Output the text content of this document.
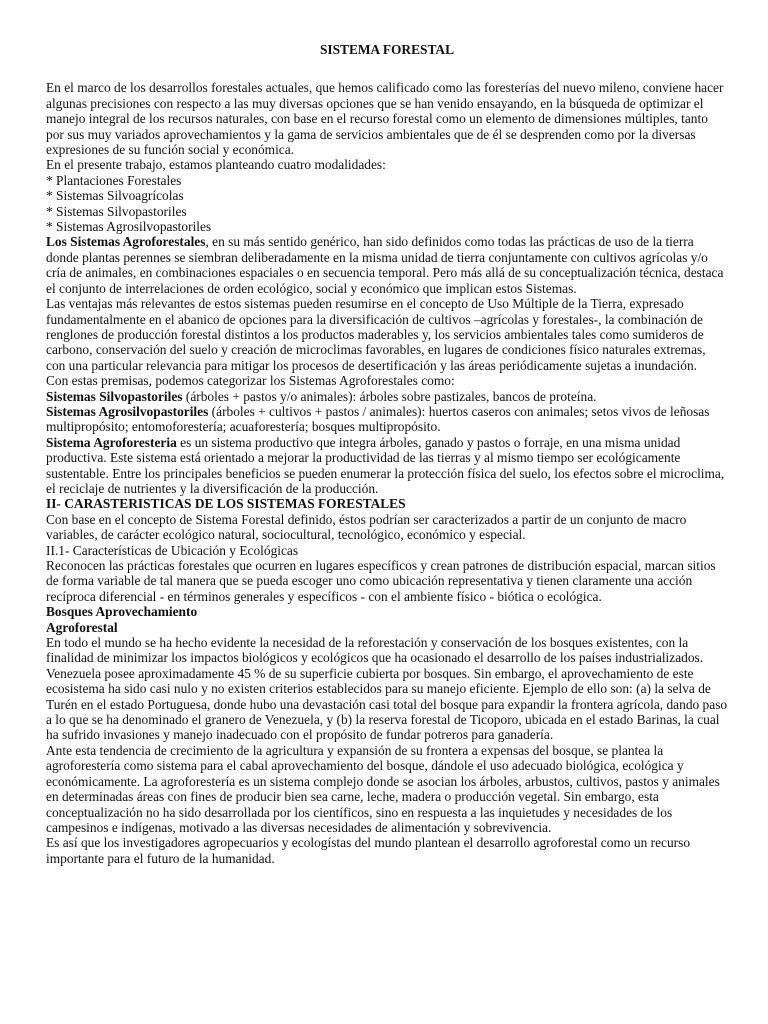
SISTEMA FORESTAL

En el marco de los desarrollos forestales actuales, que hemos calificado como las foresterías del nuevo mileno, conviene hacer algunas precisiones con respecto a las muy diversas opciones que se han venido ensayando, en la búsqueda de optimizar el manejo integral de los recursos naturales, con base en el recurso forestal como un elemento de dimensiones múltiples, tanto por sus muy variados aprovechamientos y la gama de servicios ambientales que de él se desprenden como por la diversas expresiones de su función social y económica.

En el presente trabajo, estamos planteando cuatro modalidades:

* Plantaciones Forestales
* Sistemas Silvoagrícolas
* Sistemas Silvopastoriles
* Sistemas Agrosilvopastoriles

Los Sistemas Agroforestales, en su más sentido genérico, han sido definidos como todas las prácticas de uso de la tierra donde plantas perennes se siembran deliberadamente en la misma unidad de tierra conjuntamente con cultivos agrícolas y/o cría de animales, en combinaciones espaciales o en secuencia temporal. Pero más allá de su conceptualización técnica, destaca el conjunto de interrelaciones de orden ecológico, social y económico que implican estos Sistemas.

Las ventajas más relevantes de estos sistemas pueden resumirse en el concepto de Uso Múltiple de la Tierra, expresado fundamentalmente en el abanico de opciones para la diversificación de cultivos –agrícolas y forestales-, la combinación de renglones de producción forestal distintos a los productos maderables y, los servicios ambientales tales como sumideros de carbono, conservación del suelo y creación de microclimas favorables, en lugares de condiciones físico naturales extremas, con una particular relevancia para mitigar los procesos de desertificación y las áreas periódicamente sujetas a inundación.

Con estas premisas, podemos categorizar los Sistemas Agroforestales como:

Sistemas Silvopastoriles (árboles + pastos y/o animales): árboles sobre pastizales, bancos de proteína.

Sistemas Agrosilvopastoriles (árboles + cultivos + pastos / animales): huertos caseros con animales; setos vivos de leñosas multipropósito; entomoforestería; acuaforestería; bosques multipropósito.

Sistema Agroforesteria es un sistema productivo que integra árboles, ganado y pastos o forraje, en una misma unidad productiva. Este sistema está orientado a mejorar la productividad de las tierras y al mismo tiempo ser ecológicamente sustentable. Entre los principales beneficios se pueden enumerar la protección física del suelo, los efectos sobre el microclima, el reciclaje de nutrientes y la diversificación de la producción.

II- CARASTERISTICAS DE LOS SISTEMAS FORESTALES

Con base en el concepto de Sistema Forestal definido, éstos podrían ser caracterizados a partir de un conjunto de macro variables, de carácter ecológico natural, sociocultural, tecnológico, económico y especial.

II.1- Características de Ubicación y Ecológicas

Reconocen las prácticas forestales que ocurren en lugares específicos y crean patrones de distribución espacial, marcan sitios de forma variable de tal manera que se pueda escoger uno como ubicación representativa y tienen claramente una acción recíproca diferencial - en términos generales y específicos - con el ambiente físico - biótica o ecológica.

Bosques Aprovechamiento

Agroforestal

En todo el mundo se ha hecho evidente la necesidad de la reforestación y conservación de los bosques existentes, con la finalidad de minimizar los impactos biológicos y ecológicos que ha ocasionado el desarrollo de los países industrializados. Venezuela posee aproximadamente 45 % de su superficie cubierta por bosques. Sin embargo, el aprovechamiento de este ecosistema ha sido casi nulo y no existen criterios establecidos para su manejo eficiente. Ejemplo de ello son: (a) la selva de Turén en el estado Portuguesa, donde hubo una devastación casi total del bosque para expandir la frontera agrícola, dando paso a lo que se ha denominado el granero de Venezuela, y (b) la reserva forestal de Ticoporo, ubicada en el estado Barinas, la cual ha sufrido invasiones y manejo inadecuado con el propósito de fundar potreros para ganadería.

Ante esta tendencia de crecimiento de la agricultura y expansión de su frontera a expensas del bosque, se plantea la agroforestería como sistema para el cabal aprovechamiento del bosque, dándole el uso adecuado biológica, ecológica y económicamente. La agroforestería es un sistema complejo donde se asocian los árboles, arbustos, cultivos, pastos y animales en determinadas áreas con fines de producir bien sea carne, leche, madera o producción vegetal. Sin embargo, esta conceptualización no ha sido desarrollada por los científicos, sino en respuesta a las inquietudes y necesidades de los campesinos e indígenas, motivado a las diversas necesidades de alimentación y sobrevivencia.

Es así que los investigadores agropecuarios y ecologístas del mundo plantean el desarrollo agroforestal como un recurso importante para el futuro de la humanidad.
